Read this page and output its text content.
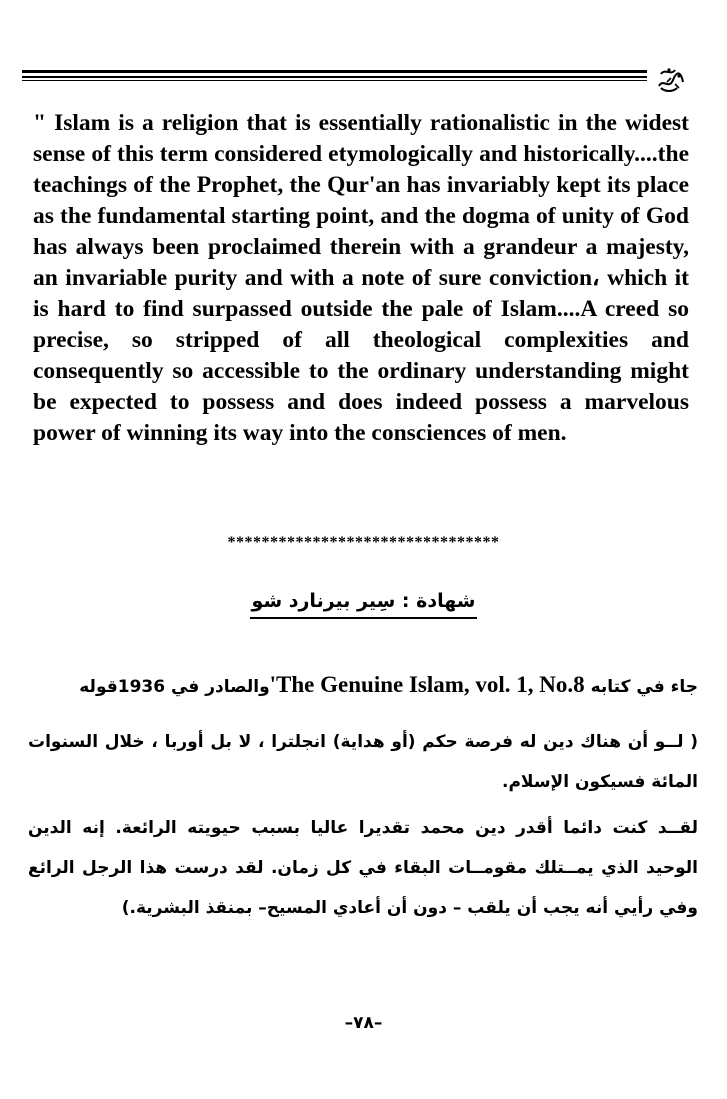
" Islam is a religion that is essentially rationalistic in the widest sense of this term considered etymologically and historically....the teachings of the Prophet, the Qur'an has invariably kept its place as the fundamental starting point, and the dogma of unity of God has always been proclaimed therein with a grandeur a majesty, an invariable purity and with a note of sure conviction، which it is hard to find surpassed outside the pale of Islam....A creed so precise, so stripped of all theological complexities and consequently so accessible to the ordinary understanding might be expected to possess and does indeed possess a marvelous power of winning its way into the consciences of men.

********************************
شهادة : سِير بيرنارد شو

جاء في كتابه 'The Genuine Islam, vol. 1, No.8والصادر في 1936قوله

( لــو أن هناك دين له فرصة حكم (أو هداية) انجلترا ، لا بل أوربا ، خلال السنوات المائة فسيكون الإسلام.

لقــد كنت دائما أقدر دين محمد تقديرا عاليا بسبب حيويته الرائعة. إنه الدين الوحيد الذي يمــتلك مقومــات البقاء في كل زمان. لقد درست هذا الرجل الرائع وفي رأيي أنه يجب أن يلقب – دون أن أعادي المسيح– بمنقذ البشرية.)

–٧٨–
